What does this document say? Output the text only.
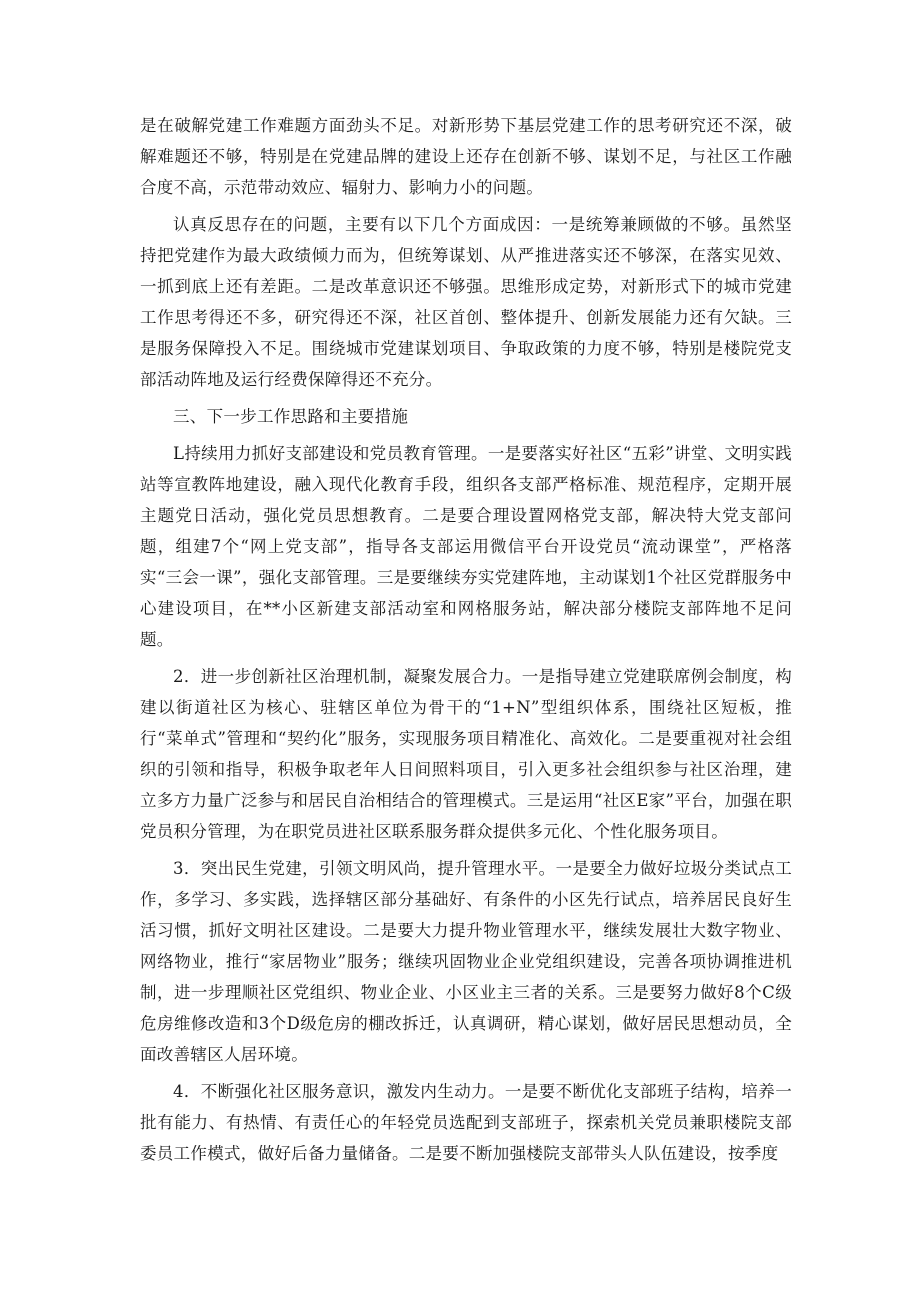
是在破解党建工作难题方面劲头不足。对新形势下基层党建工作的思考研究还不深，破解难题还不够，特别是在党建品牌的建设上还存在创新不够、谋划不足，与社区工作融合度不高，示范带动效应、辐射力、影响力小的问题。

认真反思存在的问题，主要有以下几个方面成因：一是统筹兼顾做的不够。虽然坚持把党建作为最大政绩倾力而为，但统筹谋划、从严推进落实还不够深，在落实见效、一抓到底上还有差距。二是改革意识还不够强。思维形成定势，对新形式下的城市党建工作思考得还不多，研究得还不深，社区首创、整体提升、创新发展能力还有欠缺。三是服务保障投入不足。围绕城市党建谋划项目、争取政策的力度不够，特别是楼院党支部活动阵地及运行经费保障得还不充分。

三、下一步工作思路和主要措施

L持续用力抓好支部建设和党员教育管理。一是要落实好社区“五彩”讲堂、文明实践站等宣教阵地建设，融入现代化教育手段，组织各支部严格标准、规范程序，定期开展主题党日活动，强化党员思想教育。二是要合理设置网格党支部，解决特大党支部问题，组建7个“网上党支部”，指导各支部运用微信平台开设党员“流动课堂”，严格落实“三会一课”，强化支部管理。三是要继续夯实党建阵地，主动谋划1个社区党群服务中心建设项目，在**小区新建支部活动室和网格服务站，解决部分楼院支部阵地不足问题。

2．进一步创新社区治理机制，凝聚发展合力。一是指导建立党建联席例会制度，构建以街道社区为核心、驻辖区单位为骨干的“1+N”型组织体系，围绕社区短板，推行“菜单式”管理和“契约化”服务，实现服务项目精准化、高效化。二是要重视对社会组织的引领和指导，积极争取老年人日间照料项目，引入更多社会组织参与社区治理，建立多方力量广泛参与和居民自治相结合的管理模式。三是运用“社区E家”平台，加强在职党员积分管理，为在职党员进社区联系服务群众提供多元化、个性化服务项目。

3．突出民生党建，引领文明风尚，提升管理水平。一是要全力做好垃圾分类试点工作，多学习、多实践，选择辖区部分基础好、有条件的小区先行试点，培养居民良好生活习惯，抓好文明社区建设。二是要大力提升物业管理水平，继续发展壮大数字物业、网络物业，推行“家居物业”服务；继续巩固物业企业党组织建设，完善各项协调推进机制，进一步理顺社区党组织、物业企业、小区业主三者的关系。三是要努力做好8个C级危房维修改造和3个D级危房的棚改拆迁，认真调研，精心谋划，做好居民思想动员，全面改善辖区人居环境。

4．不断强化社区服务意识，激发内生动力。一是要不断优化支部班子结构，培养一批有能力、有热情、有责任心的年轻党员选配到支部班子，探索机关党员兼职楼院支部委员工作模式，做好后备力量储备。二是要不断加强楼院支部带头人队伍建设，按季度
